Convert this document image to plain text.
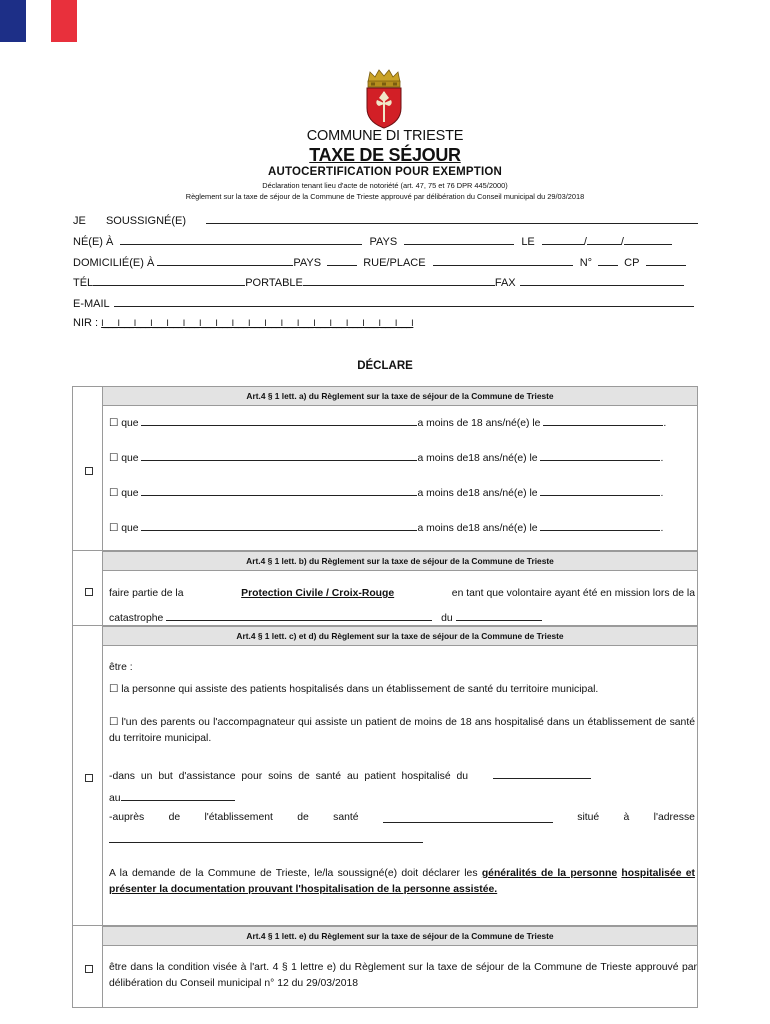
COMMUNE DI TRIESTE
TAXE DE SÉJOUR
AUTOCERTIFICATION POUR EXEMPTION
Déclaration tenant lieu d'acte de notoriété (art. 47, 75 et 76 DPR 445/2000)
Règlement sur la taxe de séjour de la Commune de Trieste approuvé par délibération du Conseil municipal du 29/03/2018
JE SOUSSIGNÉ(E)
NÉ(E) À	PAYS	LE	/	/
DOMICILIÉ(E) À	PAYS	RUE/PLACE	N°	CP
TÉL	PORTABLE	FAX
E-MAIL
NIR : I___I___I___I___I___I___I___I___I___I___I___I___I___I___I___I___I___I___I___I
DÉCLARE
Art.4 § 1 lett. a) du Règlement sur la taxe de séjour de la Commune de Trieste
☐ que	a moins de 18 ans/né(e) le	.
☐ que	a moins de18 ans/né(e) le	.
☐ que	a moins de18 ans/né(e) le	.
☐ que	a moins de18 ans/né(e) le	.
Art.4 § 1 lett. b) du Règlement sur la taxe de séjour de la Commune de Trieste
faire partie de la	Protection Civile / Croix-Rouge	en tant que volontaire ayant été en mission lors de la
catastrophe	du
Art.4 § 1 lett. c) et d) du Règlement sur la taxe de séjour de la Commune de Trieste
être :
☐ la personne qui assiste des patients hospitalisés dans un établissement de santé du territoire municipal.
☐ l'un des parents ou l'accompagnateur qui assiste un patient de moins de 18 ans hospitalisé dans un établissement de santé du territoire municipal.
-dans un but d'assistance pour soins de santé au patient hospitalisé du
au
-auprès de l'établissement de santé	situé à l'adresse
A la demande de la Commune de Trieste, le/la soussigné(e) doit déclarer les généralités de la personne hospitalisée et présenter la documentation prouvant l'hospitalisation de la personne assistée.
Art.4 § 1 lett. e) du Règlement sur la taxe de séjour de la Commune de Trieste
être dans la condition visée à l'art. 4 § 1 lettre e) du Règlement sur la taxe de séjour de la Commune de Trieste approuvé par délibération du Conseil municipal n° 12 du 29/03/2018
